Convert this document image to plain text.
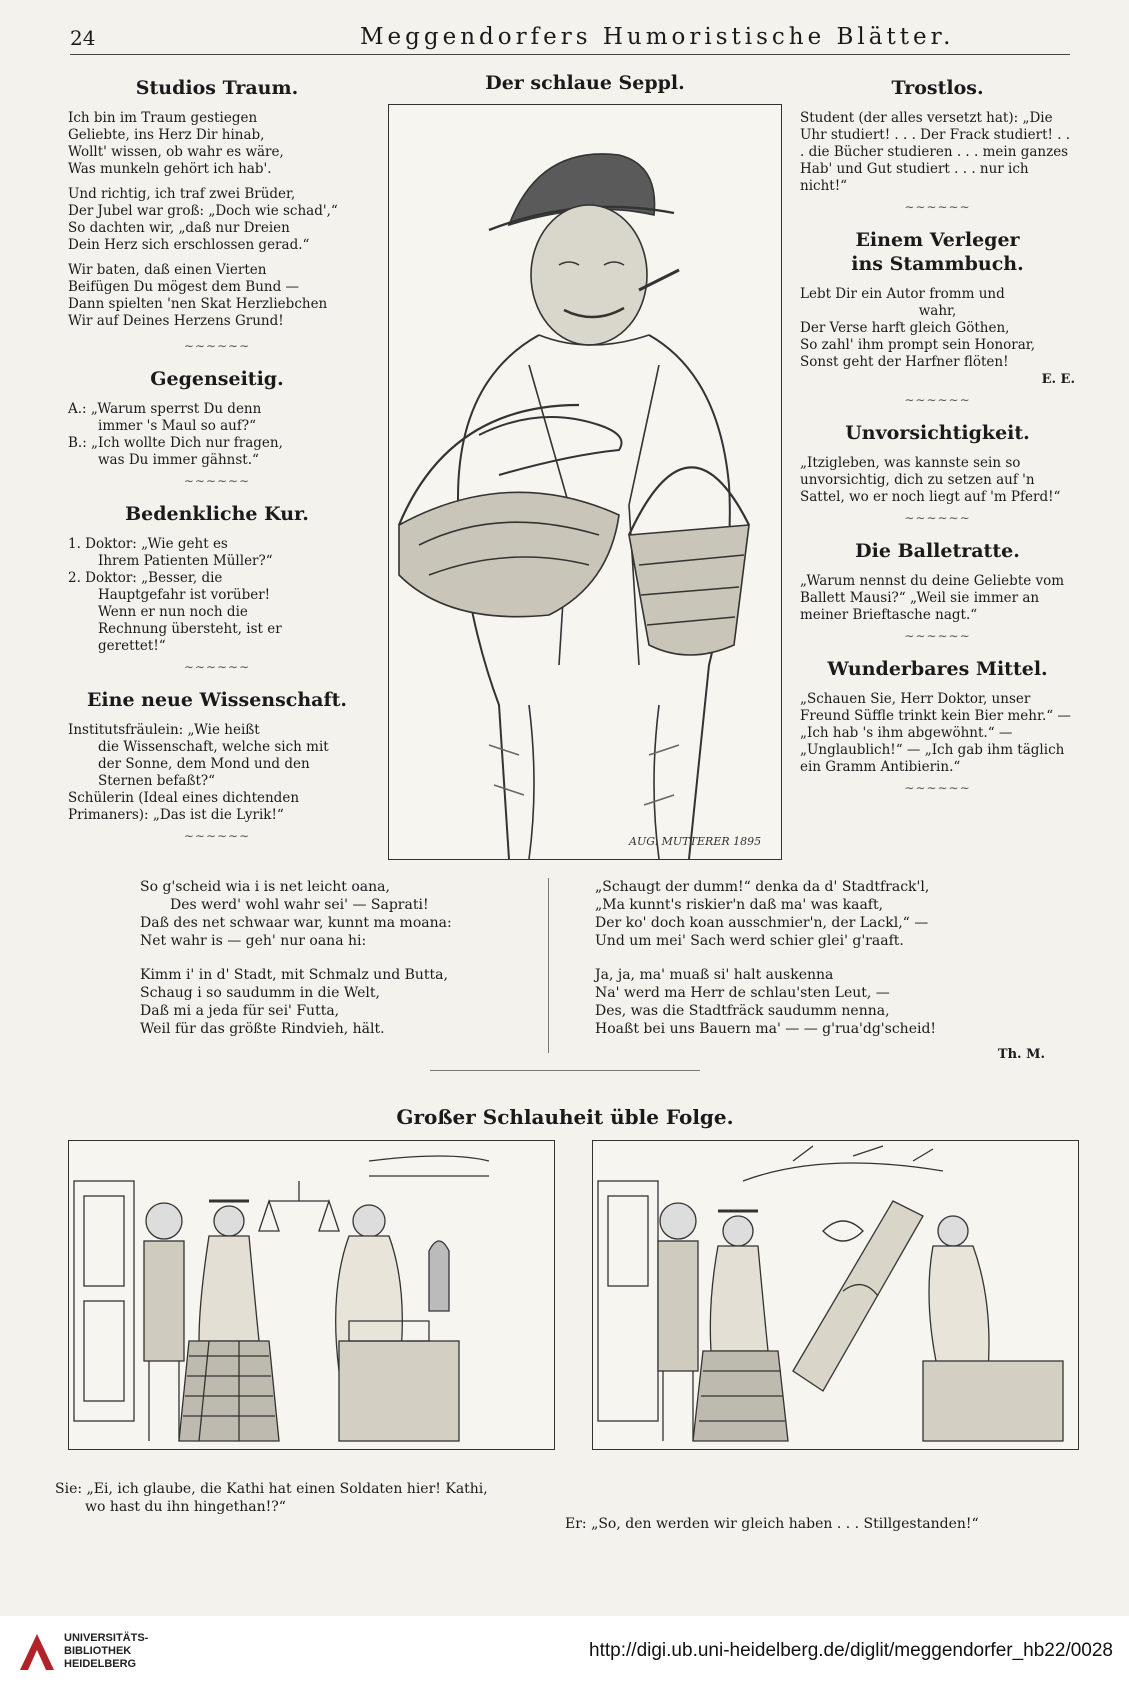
24	Meggendorfers Humoristische Blätter.
Studios Traum.
Ich bin im Traum gestiegen
Geliebte, ins Herz Dir hinab,
Wollt' wissen, ob wahr es wäre,
Was munkeln gehört ich hab'.
Und richtig, ich traf zwei Brüder,
Der Jubel war groß: „Doch wie schad',“
So dachten wir, „daß nur Dreien
Dein Herz sich erschlossen gerad.“
Wir baten, daß einen Vierten
Beifügen Du mögest dem Bund —
Dann spielten 'nen Skat Herzliebchen
Wir auf Deines Herzens Grund!
∼∼∼∼∼∼
Gegenseitig.
A.: „Warum sperrst Du denn
immer 's Maul so auf?“
B.: „Ich wollte Dich nur fragen,
was Du immer gähnst.“
∼∼∼∼∼∼
Bedenkliche Kur.
1. Doktor: „Wie geht es
Ihrem Patienten Müller?“
2. Doktor: „Besser, die
Hauptgefahr ist vorüber!
Wenn er nun noch die
Rechnung übersteht, ist er
gerettet!“
∼∼∼∼∼∼
Eine neue Wissenschaft.
Institutsfräulein: „Wie heißt
die Wissenschaft, welche sich mit
der Sonne, dem Mond und den
Sternen befaßt?“
Schülerin (Ideal eines dichtenden Primaners): „Das ist die Lyrik!“
∼∼∼∼∼∼
Der schlaue Seppl.
AUG. MUTTERER 1895
Trostlos.
Student (der alles versetzt hat): „Die Uhr studiert! . . . Der Frack studiert! . . . die Bücher studieren . . . mein ganzes Hab' und Gut studiert . . . nur ich nicht!“
∼∼∼∼∼∼
Einem Verleger
ins Stammbuch.
Lebt Dir ein Autor fromm und
wahr,
Der Verse harft gleich Göthen,
So zahl' ihm prompt sein Honorar,
Sonst geht der Harfner flöten!
E. E.
∼∼∼∼∼∼
Unvorsichtigkeit.
„Itzigleben, was kannste sein so unvorsichtig, dich zu setzen auf 'n Sattel, wo er noch liegt auf 'm Pferd!“
∼∼∼∼∼∼
Die Balletratte.
„Warum nennst du deine Geliebte vom Ballett Mausi?“ „Weil sie immer an meiner Brieftasche nagt.“
∼∼∼∼∼∼
Wunderbares Mittel.
„Schauen Sie, Herr Doktor, unser Freund Süffle trinkt kein Bier mehr.“ — „Ich hab 's ihm abgewöhnt.“ — „Unglaublich!“ — „Ich gab ihm täglich ein Gramm Antibierin.“
∼∼∼∼∼∼
So g'scheid wia i is net leicht oana,
Des werd' wohl wahr sei' — Saprati!
Daß des net schwaar war, kunnt ma moana:
Net wahr is — geh' nur oana hi:
Kimm i' in d' Stadt, mit Schmalz und Butta,
Schaug i so saudumm in die Welt,
Daß mi a jeda für sei' Futta,
Weil für das größte Rindvieh, hält.
„Schaugt der dumm!“ denka da d' Stadtfrack'l,
„Ma kunnt's riskier'n daß ma' was kaaft,
Der ko' doch koan ausschmier'n, der Lackl,“ —
Und um mei' Sach werd schier glei' g'raaft.
Ja, ja, ma' muaß si' halt auskenna
Na' werd ma Herr de schlau'sten Leut, —
Des, was die Stadtfräck saudumm nenna,
Hoaßt bei uns Bauern ma' — — g'rua'dg'scheid!
Th. M.
Großer Schlauheit üble Folge.
Sie: „Ei, ich glaube, die Kathi hat einen Soldaten hier! Kathi,
wo hast du ihn hingethan!?“
Er: „So, den werden wir gleich haben . . . Stillgestanden!“
UNIVERSITÄTS-
BIBLIOTHEK
HEIDELBERG
http://digi.ub.uni-heidelberg.de/diglit/meggendorfer_hb22/0028
